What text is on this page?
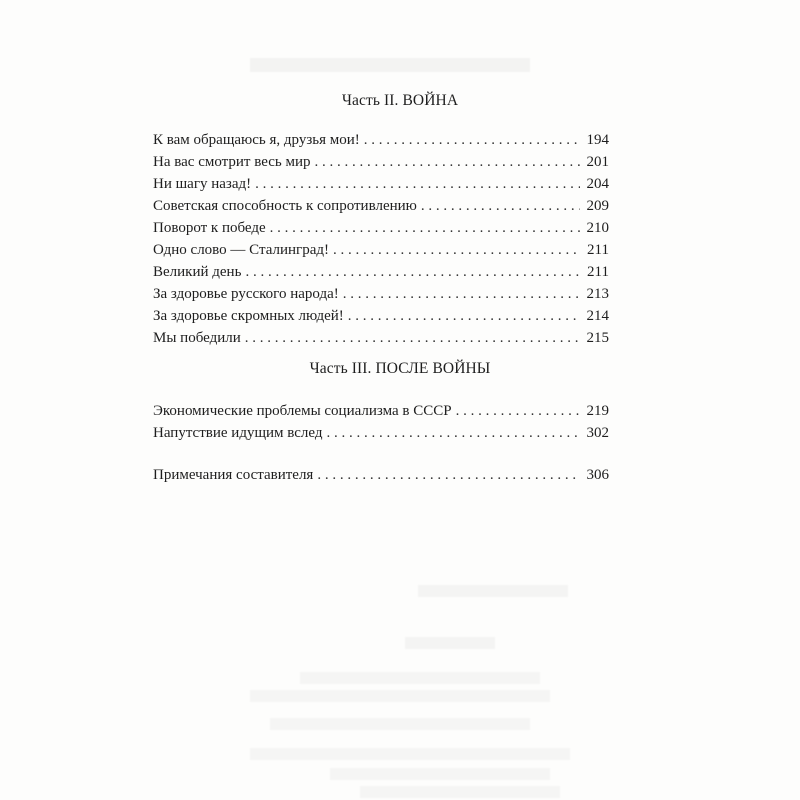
Часть II. ВОЙНА
К вам обращаюсь я, друзья мои! . . .	194
На вас смотрит весь мир . . .	201
Ни шагу назад! . . .	204
Советская способность к сопротивлению . . .	209
Поворот к победе . . .	210
Одно слово — Сталинград! . . .	211
Великий день . . .	211
За здоровье русского народа! . . .	213
За здоровье скромных людей! . . .	214
Мы победили . . .	215
Часть III. ПОСЛЕ ВОЙНЫ
Экономические проблемы социализма в СССР . . .	219
Напутствие идущим вслед . . .	302
Примечания составителя . . .	306
